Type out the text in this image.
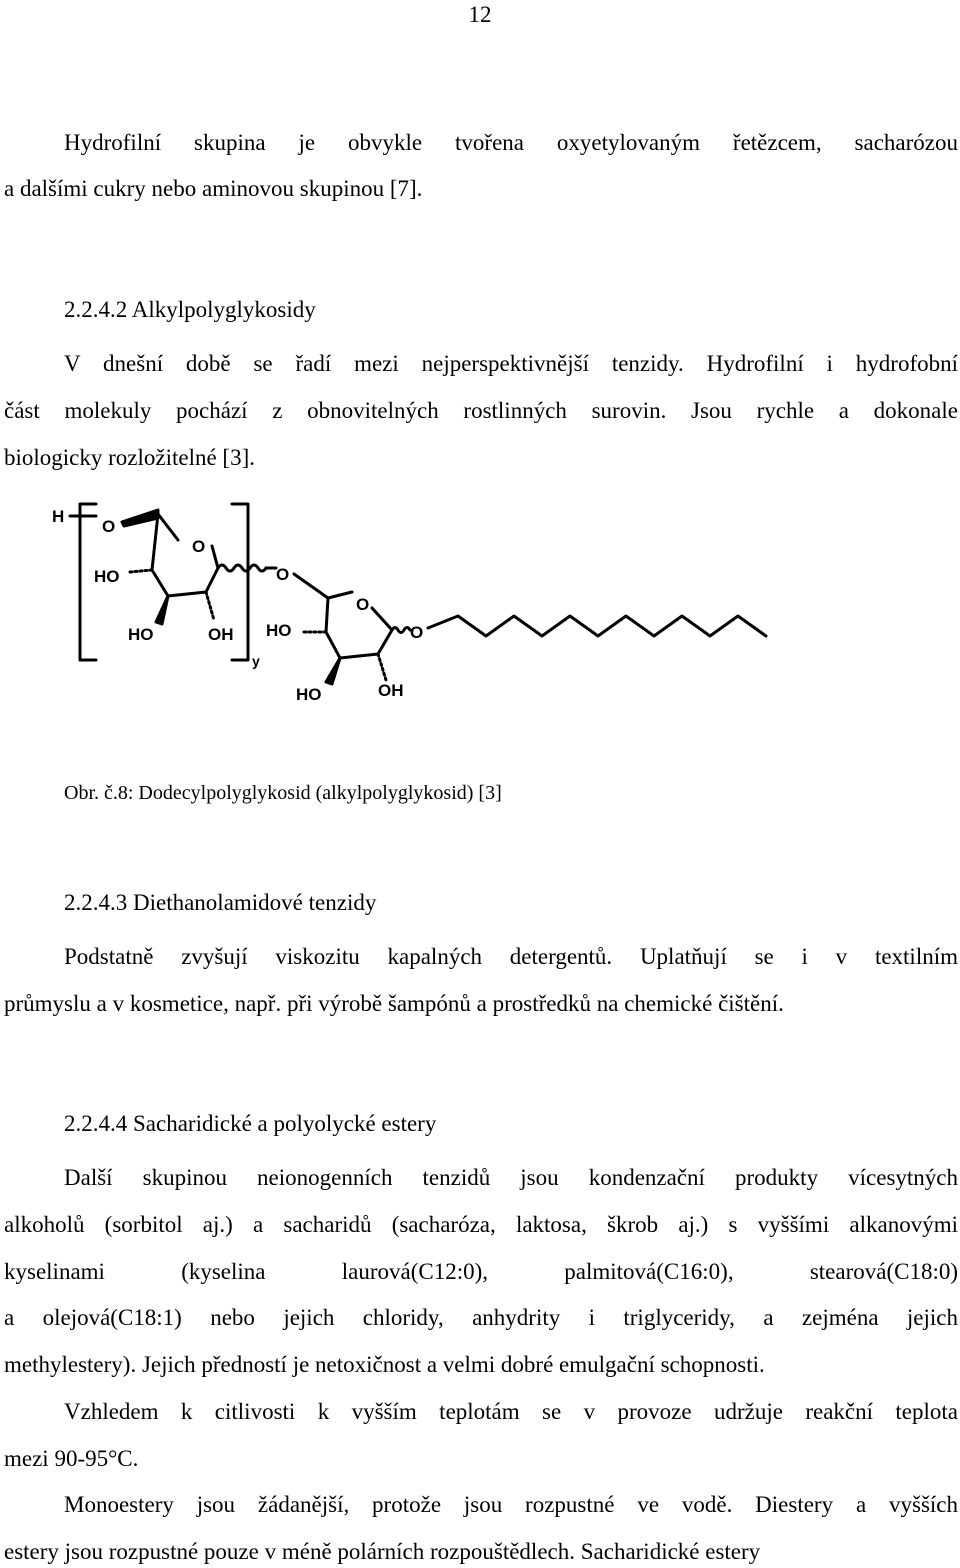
12
Hydrofilní skupina je obvykle tvořena oxyetylovaným řetězcem, sacharózou
a dalšími cukry nebo aminovou skupinou [7].
2.2.4.2 Alkylpolyglykosidy
V dnešní době se řadí mezi nejperspektivnější tenzidy. Hydrofilní i hydrofobní
část molekuly pochází z obnovitelných rostlinných surovin. Jsou rychle a dokonale
biologicky rozložitelné [3].
H
O
O
HO	O
HO	OH HO
O
O
y
HO	OH
Obr. č.8: Dodecylpolyglykosid (alkylpolyglykosid) [3]
2.2.4.3 Diethanolamidové tenzidy
Podstatně zvyšují viskozitu kapalných detergentů. Uplatňují se i v textilním
průmyslu a v kosmetice, např. při výrobě šampónů a prostředků na chemické čištění.
2.2.4.4 Sacharidické a polyolycké estery
Další skupinou neionogenních tenzidů jsou kondenzační produkty vícesytných
alkoholů (sorbitol aj.) a sacharidů (sacharóza, laktosa, škrob aj.) s vyššími alkanovými
kyselinami (kyselina laurová(C12:0), palmitová(C16:0), stearová(C18:0)
a olejová(C18:1) nebo jejich chloridy, anhydrity i triglyceridy, a zejména jejich
methylestery). Jejich předností je netoxičnost a velmi dobré emulgační schopnosti.
Vzhledem k citlivosti k vyšším teplotám se v provoze udržuje reakční teplota
mezi 90-95°C.
Monoestery jsou žádanější, protože jsou rozpustné ve vodě. Diestery a vyšších
estery jsou rozpustné pouze v méně polárních rozpouštědlech. Sacharidické estery
